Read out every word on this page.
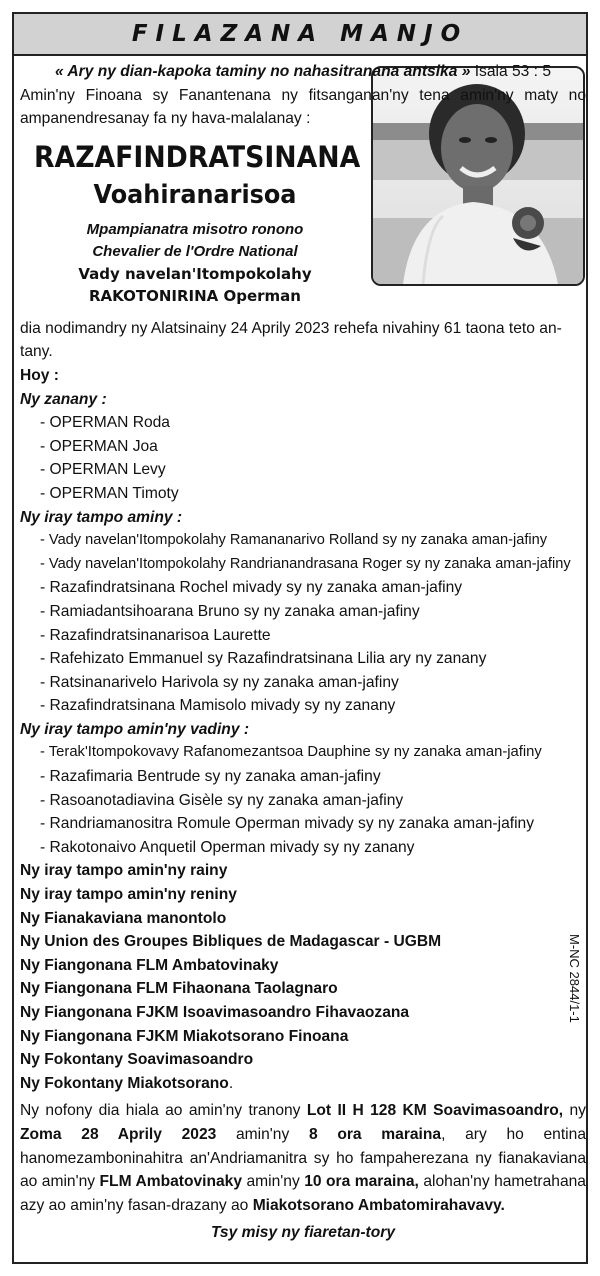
FILAZANA MANJO
« Ary ny dian-kapoka taminy no nahasitranana antsika » Isaia 53 : 5
Amin'ny Finoana sy Fanantenana ny fitsanganan'ny tena amin'ny maty no ampanendresanay fa ny hava-malalanay :
RAZAFINDRATSINANA
Voahiranarisoa
Mpampianatra misotro ronono
Chevalier de l'Ordre National
Vady navelan'Itompokolahy
RAKOTONIRINA Operman
dia nodimandry ny Alatsinainy 24 Aprily 2023 rehefa nivahiny 61 taona teto an-tany.
Hoy :
Ny zanany :
- OPERMAN Roda
- OPERMAN Joa
- OPERMAN Levy
- OPERMAN Timoty
Ny iray tampo aminy :
- Vady navelan'Itompokolahy Ramananarivo Rolland sy ny zanaka aman-jafiny
- Vady navelan'Itompokolahy Randrianandrasana Roger sy ny zanaka aman-jafiny
- Razafindratsinana Rochel mivady sy ny zanaka aman-jafiny
- Ramiadantsihoarana Bruno sy ny zanaka aman-jafiny
- Razafindratsinanarisoa Laurette
- Rafehizato Emmanuel sy Razafindratsinana Lilia ary ny zanany
- Ratsinanarivelo Harivola sy ny zanaka aman-jafiny
- Razafindratsinana Mamisolo mivady sy ny zanany
Ny iray tampo amin'ny vadiny :
- Terak'Itompokovavy Rafanomezantsoa Dauphine sy ny zanaka aman-jafiny
- Razafimaria Bentrude sy ny zanaka aman-jafiny
- Rasoanotadiavina Gisèle sy ny zanaka aman-jafiny
- Randriamanositra Romule Operman mivady sy ny zanaka aman-jafiny
- Rakotonaivo Anquetil Operman mivady sy ny zanany
Ny iray tampo amin'ny rainy
Ny iray tampo amin'ny reniny
Ny Fianakaviana manontolo
Ny Union des Groupes Bibliques de Madagascar - UGBM
Ny Fiangonana FLM Ambatovinaky
Ny Fiangonana FLM Fihaonana Taolagnaro
Ny Fiangonana FJKM Isoavimasoandro Fihavaozana
Ny Fiangonana FJKM Miakotsorano Finoana
Ny Fokontany Soavimasoandro
Ny Fokontany Miakotsorano.
Ny nofony dia hiala ao amin'ny tranony Lot II H 128 KM Soavimasoandro, ny Zoma 28 Aprily 2023 amin'ny 8 ora maraina, ary ho entina hanomezamboninahitra an'Andriamanitra sy ho fampaherezana ny fianakaviana ao amin'ny FLM Ambatovinaky amin'ny 10 ora maraina, alohan'ny hametrahana azy ao amin'ny fasan-drazany ao Miakotsorano Ambatomirahavavy.
Tsy misy ny fiaretan-tory
M-NC 2844/1-1
